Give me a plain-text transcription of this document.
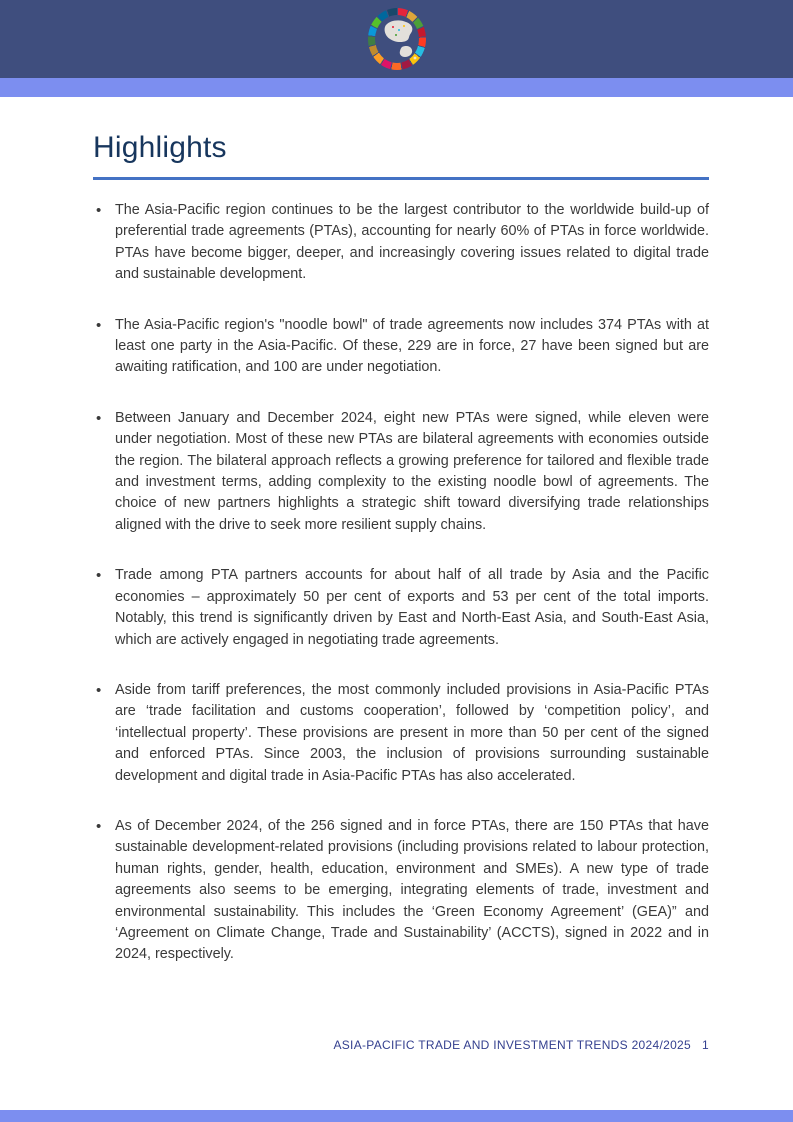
Highlights
• The Asia-Pacific region continues to be the largest contributor to the worldwide build-up of preferential trade agreements (PTAs), accounting for nearly 60% of PTAs in force worldwide. PTAs have become bigger, deeper, and increasingly covering issues related to digital trade and sustainable development.
• The Asia-Pacific region's "noodle bowl" of trade agreements now includes 374 PTAs with at least one party in the Asia-Pacific. Of these, 229 are in force, 27 have been signed but are awaiting ratification, and 100 are under negotiation.
• Between January and December 2024, eight new PTAs were signed, while eleven were under negotiation. Most of these new PTAs are bilateral agreements with economies outside the region. The bilateral approach reflects a growing preference for tailored and flexible trade and investment terms, adding complexity to the existing noodle bowl of agreements. The choice of new partners highlights a strategic shift toward diversifying trade relationships aligned with the drive to seek more resilient supply chains.
• Trade among PTA partners accounts for about half of all trade by Asia and the Pacific economies – approximately 50 per cent of exports and 53 per cent of the total imports. Notably, this trend is significantly driven by East and North-East Asia, and South-East Asia, which are actively engaged in negotiating trade agreements.
• Aside from tariff preferences, the most commonly included provisions in Asia-Pacific PTAs are ‘trade facilitation and customs cooperation’, followed by ‘competition policy’, and ‘intellectual property’. These provisions are present in more than 50 per cent of the signed and enforced PTAs. Since 2003, the inclusion of provisions surrounding sustainable development and digital trade in Asia-Pacific PTAs has also accelerated.
• As of December 2024, of the 256 signed and in force PTAs, there are 150 PTAs that have sustainable development-related provisions (including provisions related to labour protection, human rights, gender, health, education, environment and SMEs). A new type of trade agreements also seems to be emerging, integrating elements of trade, investment and environmental sustainability. This includes the ‘Green Economy Agreement’ (GEA)” and ‘Agreement on Climate Change, Trade and Sustainability’ (ACCTS), signed in 2022 and in 2024, respectively.
ASIA-PACIFIC TRADE AND INVESTMENT TRENDS 2024/2025 1
